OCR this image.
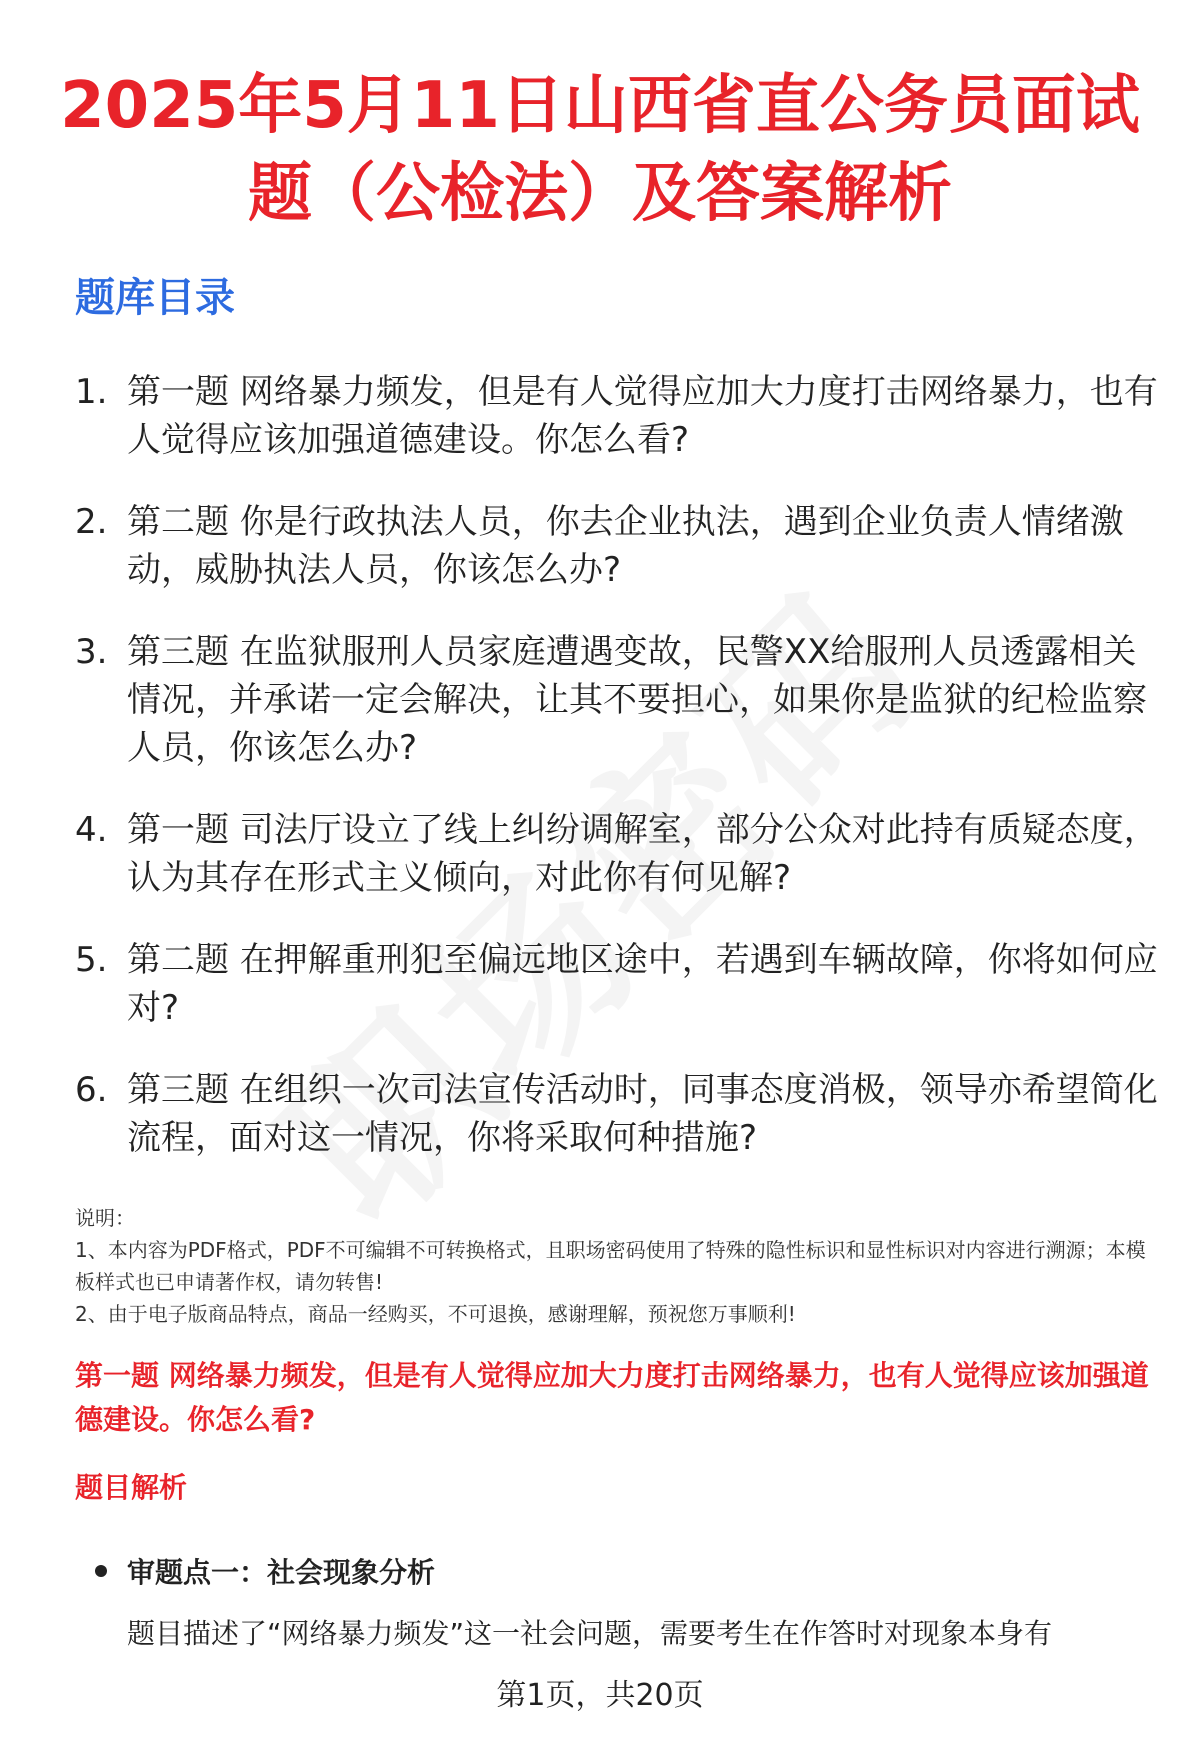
2025年5月11日山西省直公务员面试题（公检法）及答案解析
题库目录
1. 第一题 网络暴力频发，但是有人觉得应加大力度打击网络暴力，也有人觉得应该加强道德建设。你怎么看?
2. 第二题 你是行政执法人员，你去企业执法，遇到企业负责人情绪激动，威胁执法人员，你该怎么办?
3. 第三题 在监狱服刑人员家庭遭遇变故，民警XX给服刑人员透露相关情况，并承诺一定会解决，让其不要担心，如果你是监狱的纪检监察人员，你该怎么办?
4. 第一题 司法厅设立了线上纠纷调解室，部分公众对此持有质疑态度，认为其存在形式主义倾向，对此你有何见解?
5. 第二题 在押解重刑犯至偏远地区途中，若遇到车辆故障，你将如何应对?
6. 第三题 在组织一次司法宣传活动时，同事态度消极，领导亦希望简化流程，面对这一情况，你将采取何种措施?

说明：

1、本内容为PDF格式，PDF不可编辑不可转换格式，且职场密码使用了特殊的隐性标识和显性标识对内容进行溯源；本模板样式也已申请著作权，请勿转售!

2、由于电子版商品特点，商品一经购买，不可退换，感谢理解，预祝您万事顺利!

第一题 网络暴力频发，但是有人觉得应加大力度打击网络暴力，也有人觉得应该加强道德建设。你怎么看?
题目解析
审题点一：社会现象分析
题目描述了“网络暴力频发”这一社会问题，需要考生在作答时对现象本身有
第1页，共20页
